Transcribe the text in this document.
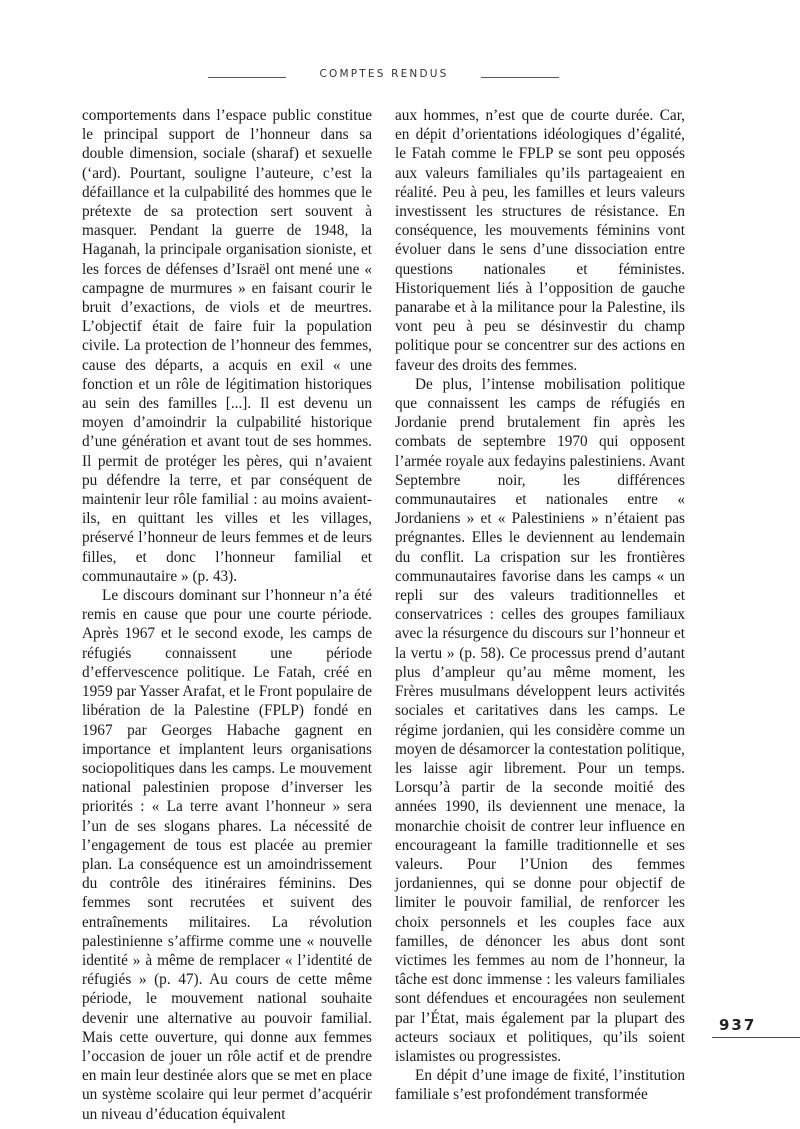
COMPTES RENDUS

comportements dans l’espace public constitue le principal support de l’honneur dans sa double dimension, sociale (sharaf) et sexuelle (‘ard). Pourtant, souligne l’auteure, c’est la défaillance et la culpabilité des hommes que le prétexte de sa protection sert souvent à masquer. Pendant la guerre de 1948, la Haganah, la principale organisation sioniste, et les forces de défenses d’Israël ont mené une « campagne de murmures » en faisant courir le bruit d’exactions, de viols et de meurtres. L’objectif était de faire fuir la population civile. La protection de l’honneur des femmes, cause des départs, a acquis en exil « une fonction et un rôle de légitimation historiques au sein des familles [...]. Il est devenu un moyen d’amoindrir la culpabilité historique d’une génération et avant tout de ses hommes. Il permit de protéger les pères, qui n’avaient pu défendre la terre, et par conséquent de maintenir leur rôle familial : au moins avaient-ils, en quittant les villes et les villages, préservé l’honneur de leurs femmes et de leurs filles, et donc l’honneur familial et communautaire » (p. 43).

Le discours dominant sur l’honneur n’a été remis en cause que pour une courte période. Après 1967 et le second exode, les camps de réfugiés connaissent une période d’effervescence politique. Le Fatah, créé en 1959 par Yasser Arafat, et le Front populaire de libération de la Palestine (FPLP) fondé en 1967 par Georges Habache gagnent en importance et implantent leurs organisations sociopolitiques dans les camps. Le mouvement national palestinien propose d’inverser les priorités : « La terre avant l’honneur » sera l’un de ses slogans phares. La nécessité de l’engagement de tous est placée au premier plan. La conséquence est un amoindrissement du contrôle des itinéraires féminins. Des femmes sont recrutées et suivent des entraînements militaires. La révolution palestinienne s’affirme comme une « nouvelle identité » à même de remplacer « l’identité de réfugiés » (p. 47). Au cours de cette même période, le mouvement national souhaite devenir une alternative au pouvoir familial. Mais cette ouverture, qui donne aux femmes l’occasion de jouer un rôle actif et de prendre en main leur destinée alors que se met en place un système scolaire qui leur permet d’acquérir un niveau d’éducation équivalent

aux hommes, n’est que de courte durée. Car, en dépit d’orientations idéologiques d’égalité, le Fatah comme le FPLP se sont peu opposés aux valeurs familiales qu’ils partageaient en réalité. Peu à peu, les familles et leurs valeurs investissent les structures de résistance. En conséquence, les mouvements féminins vont évoluer dans le sens d’une dissociation entre questions nationales et féministes. Historiquement liés à l’opposition de gauche panarabe et à la militance pour la Palestine, ils vont peu à peu se désinvestir du champ politique pour se concentrer sur des actions en faveur des droits des femmes.

De plus, l’intense mobilisation politique que connaissent les camps de réfugiés en Jordanie prend brutalement fin après les combats de septembre 1970 qui opposent l’armée royale aux fedayins palestiniens. Avant Septembre noir, les différences communautaires et nationales entre « Jordaniens » et « Palestiniens » n’étaient pas prégnantes. Elles le deviennent au lendemain du conflit. La crispation sur les frontières communautaires favorise dans les camps « un repli sur des valeurs traditionnelles et conservatrices : celles des groupes familiaux avec la résurgence du discours sur l’honneur et la vertu » (p. 58). Ce processus prend d’autant plus d’ampleur qu’au même moment, les Frères musulmans développent leurs activités sociales et caritatives dans les camps. Le régime jordanien, qui les considère comme un moyen de désamorcer la contestation politique, les laisse agir librement. Pour un temps. Lorsqu’à partir de la seconde moitié des années 1990, ils deviennent une menace, la monarchie choisit de contrer leur influence en encourageant la famille traditionnelle et ses valeurs. Pour l’Union des femmes jordaniennes, qui se donne pour objectif de limiter le pouvoir familial, de renforcer les choix personnels et les couples face aux familles, de dénoncer les abus dont sont victimes les femmes au nom de l’honneur, la tâche est donc immense : les valeurs familiales sont défendues et encouragées non seulement par l’État, mais également par la plupart des acteurs sociaux et politiques, qu’ils soient islamistes ou progressistes.

En dépit d’une image de fixité, l’institution familiale s’est profondément transformée

937
